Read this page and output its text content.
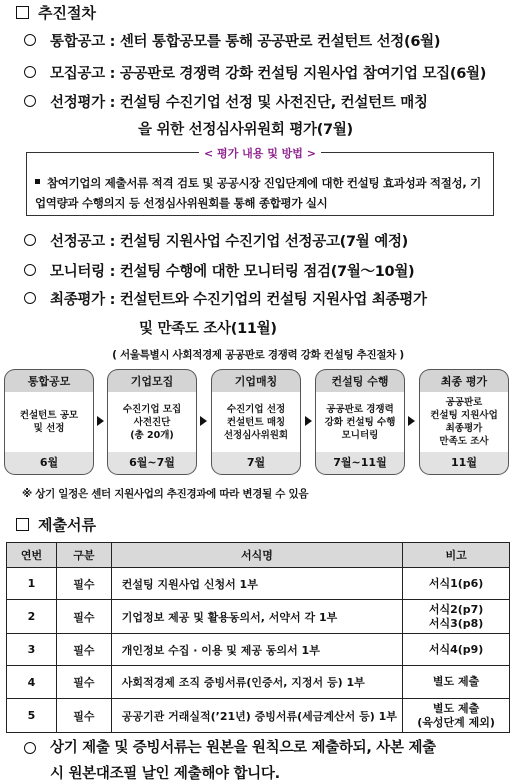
추진절차
통합공고 : 센터 통합공모를 통해 공공판로 컨설턴트 선정(6월)
모집공고 : 공공판로 경쟁력 강화 컨설팅 지원사업 참여기업 모집(6월)
선정평가 : 컨설팅 수진기업 선정 및 사전진단, 컨설턴트 매칭
을 위한 선정심사위원회 평가(7월)
< 평가 내용 및 방법 >
참여기업의 제출서류 적격 검토 및 공공시장 진입단계에 대한 컨설팅 효과성과 적절성, 기업역량과 수행의지 등 선정심사위원회를 통해 종합평가 실시
선정공고 : 컨설팅 지원사업 수진기업 선정공고(7월 예정)
모니터링 : 컨설팅 수행에 대한 모니터링 점검(7월～10월)
최종평가 : 컨설턴트와 수진기업의 컨설팅 지원사업 최종평가
및 만족도 조사(11월)
( 서울특별시 사회적경제 공공판로 경쟁력 강화 컨설팅 추진절차 )
통합공모
컨설턴트 공모
및 선정
6월
기업모집
수진기업 모집
사전진단
(총 20개)
6월~7월
기업매칭
수진기업 선정
컨설턴트 매칭
선정심사위원회
7월
컨설팅 수행
공공판로 경쟁력
강화 컨설팅 수행
모니터링
7월~11월
최종 평가
공공판로
컨설팅 지원사업
최종평가
만족도 조사
11월
※ 상기 일정은 센터 지원사업의 추진경과에 따라 변경될 수 있음
제출서류
연번	구분	서식명	비고
1	필수	컨설팅 지원사업 신청서 1부	서식1(p6)
2	필수	기업정보 제공 및 활용동의서, 서약서 각 1부	서식2(p7)
서식3(p8)
3	필수	개인정보 수집 · 이용 및 제공 동의서 1부	서식4(p9)
4	필수	사회적경제 조직 증빙서류(인증서, 지정서 등) 1부	별도 제출
5	필수	공공기관 거래실적(’21년) 증빙서류(세금계산서 등) 1부	별도 제출
(육성단계 제외)
상기 제출 및 증빙서류는 원본을 원칙으로 제출하되, 사본 제출
시 원본대조필 날인 제출해야 합니다.
